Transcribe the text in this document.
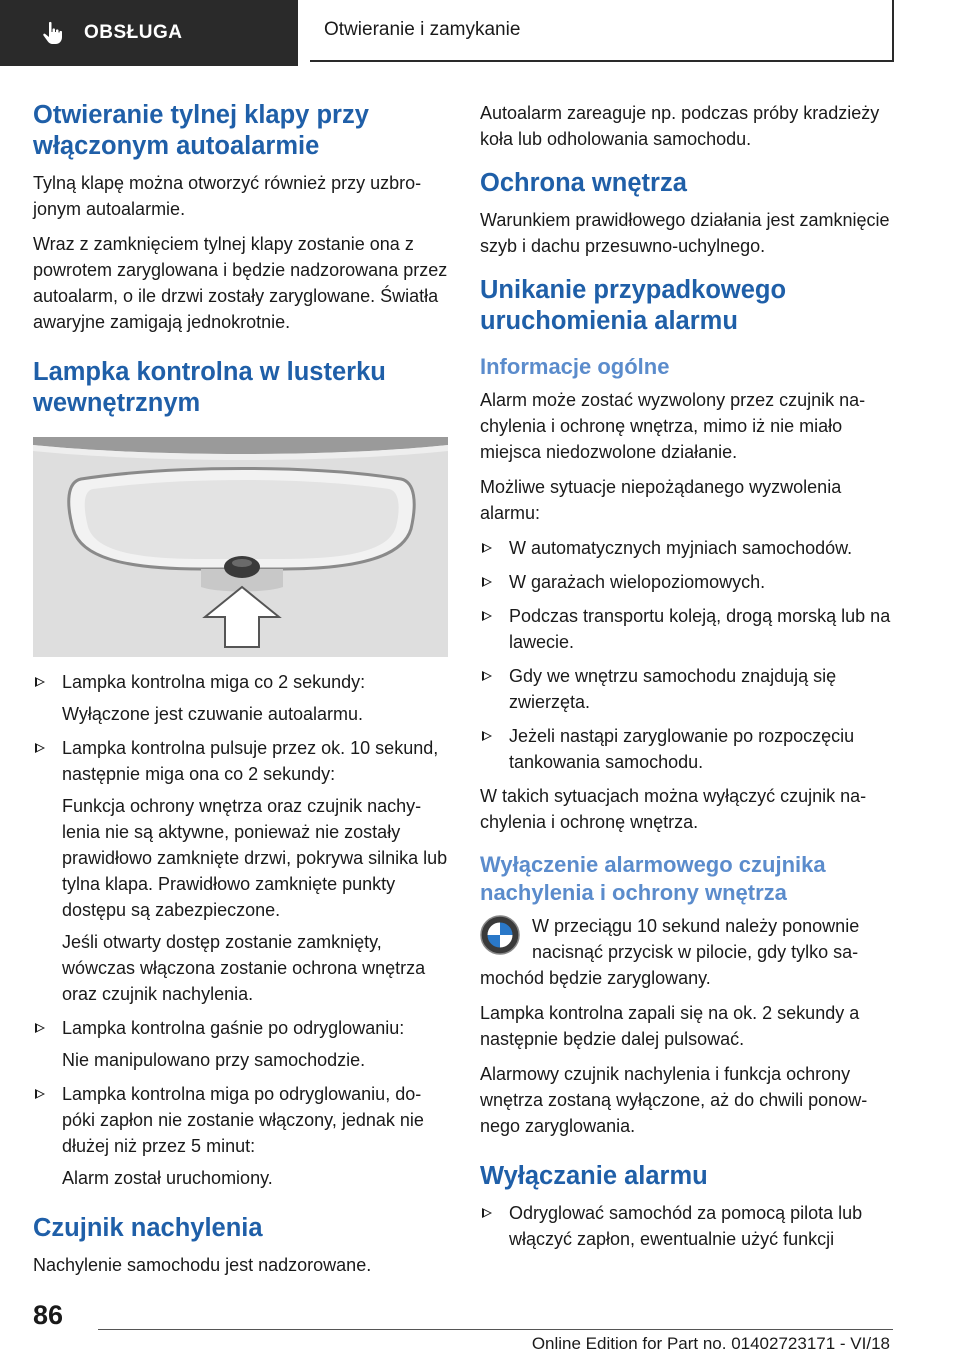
OBSŁUGA	Otwieranie i zamykanie
Otwieranie tylnej klapy przy włączonym autoalarmie

Tylną klapę można otworzyć również przy uzbrojonym autoalarmie.

Wraz z zamknięciem tylnej klapy zostanie ona z powrotem zaryglowana i będzie nadzorowana przez autoalarm, o ile drzwi zostały zaryglowane. Światła awaryjne zamigają jednokrotnie.

Lampka kontrolna w lusterku wewnętrznym

Lampka kontrolna miga co 2 sekundy:

Wyłączone jest czuwanie autoalarmu.

Lampka kontrolna pulsuje przez ok. 10 sekund, następnie miga ona co 2 sekundy:

Funkcja ochrony wnętrza oraz czujnik nachylenia nie są aktywne, ponieważ nie zostały prawidłowo zamknięte drzwi, pokrywa silnika lub tylna klapa. Prawidłowo zamknięte punkty dostępu są zabezpieczone.

Jeśli otwarty dostęp zostanie zamknięty, wówczas włączona zostanie ochrona wnętrza oraz czujnik nachylenia.

Lampka kontrolna gaśnie po odryglowaniu:

Nie manipulowano przy samochodzie.

Lampka kontrolna miga po odryglowaniu, dopóki zapłon nie zostanie włączony, jednak nie dłużej niż przez 5 minut:

Alarm został uruchomiony.

Czujnik nachylenia

Nachylenie samochodu jest nadzorowane.

Autoalarm zareaguje np. podczas próby kradzieży koła lub odholowania samochodu.

Ochrona wnętrza

Warunkiem prawidłowego działania jest zamknięcie szyb i dachu przesuwno-uchylnego.

Unikanie przypadkowego uruchomienia alarmu
Informacje ogólne

Alarm może zostać wyzwolony przez czujnik nachylenia i ochronę wnętrza, mimo iż nie miało miejsca niedozwolone działanie.

Możliwe sytuacje niepożądanego wyzwolenia alarmu:

W automatycznych myjniach samochodów.

W garażach wielopoziomowych.

Podczas transportu koleją, drogą morską lub na lawecie.

Gdy we wnętrzu samochodu znajdują się zwierzęta.

Jeżeli nastąpi zaryglowanie po rozpoczęciu tankowania samochodu.

W takich sytuacjach można wyłączyć czujnik nachylenia i ochronę wnętrza.

Wyłączenie alarmowego czujnika nachylenia i ochrony wnętrza

W przeciągu 10 sekund należy ponownie nacisnąć przycisk w pilocie, gdy tylko samochód będzie zaryglowany.

Lampka kontrolna zapali się na ok. 2 sekundy a następnie będzie dalej pulsować.

Alarmowy czujnik nachylenia i funkcja ochrony wnętrza zostaną wyłączone, aż do chwili ponownego zaryglowania.

Wyłączanie alarmu

Odryglować samochód za pomocą pilota lub włączyć zapłon, ewentualnie użyć funkcji

86
Online Edition for Part no. 01402723171 - VI/18
